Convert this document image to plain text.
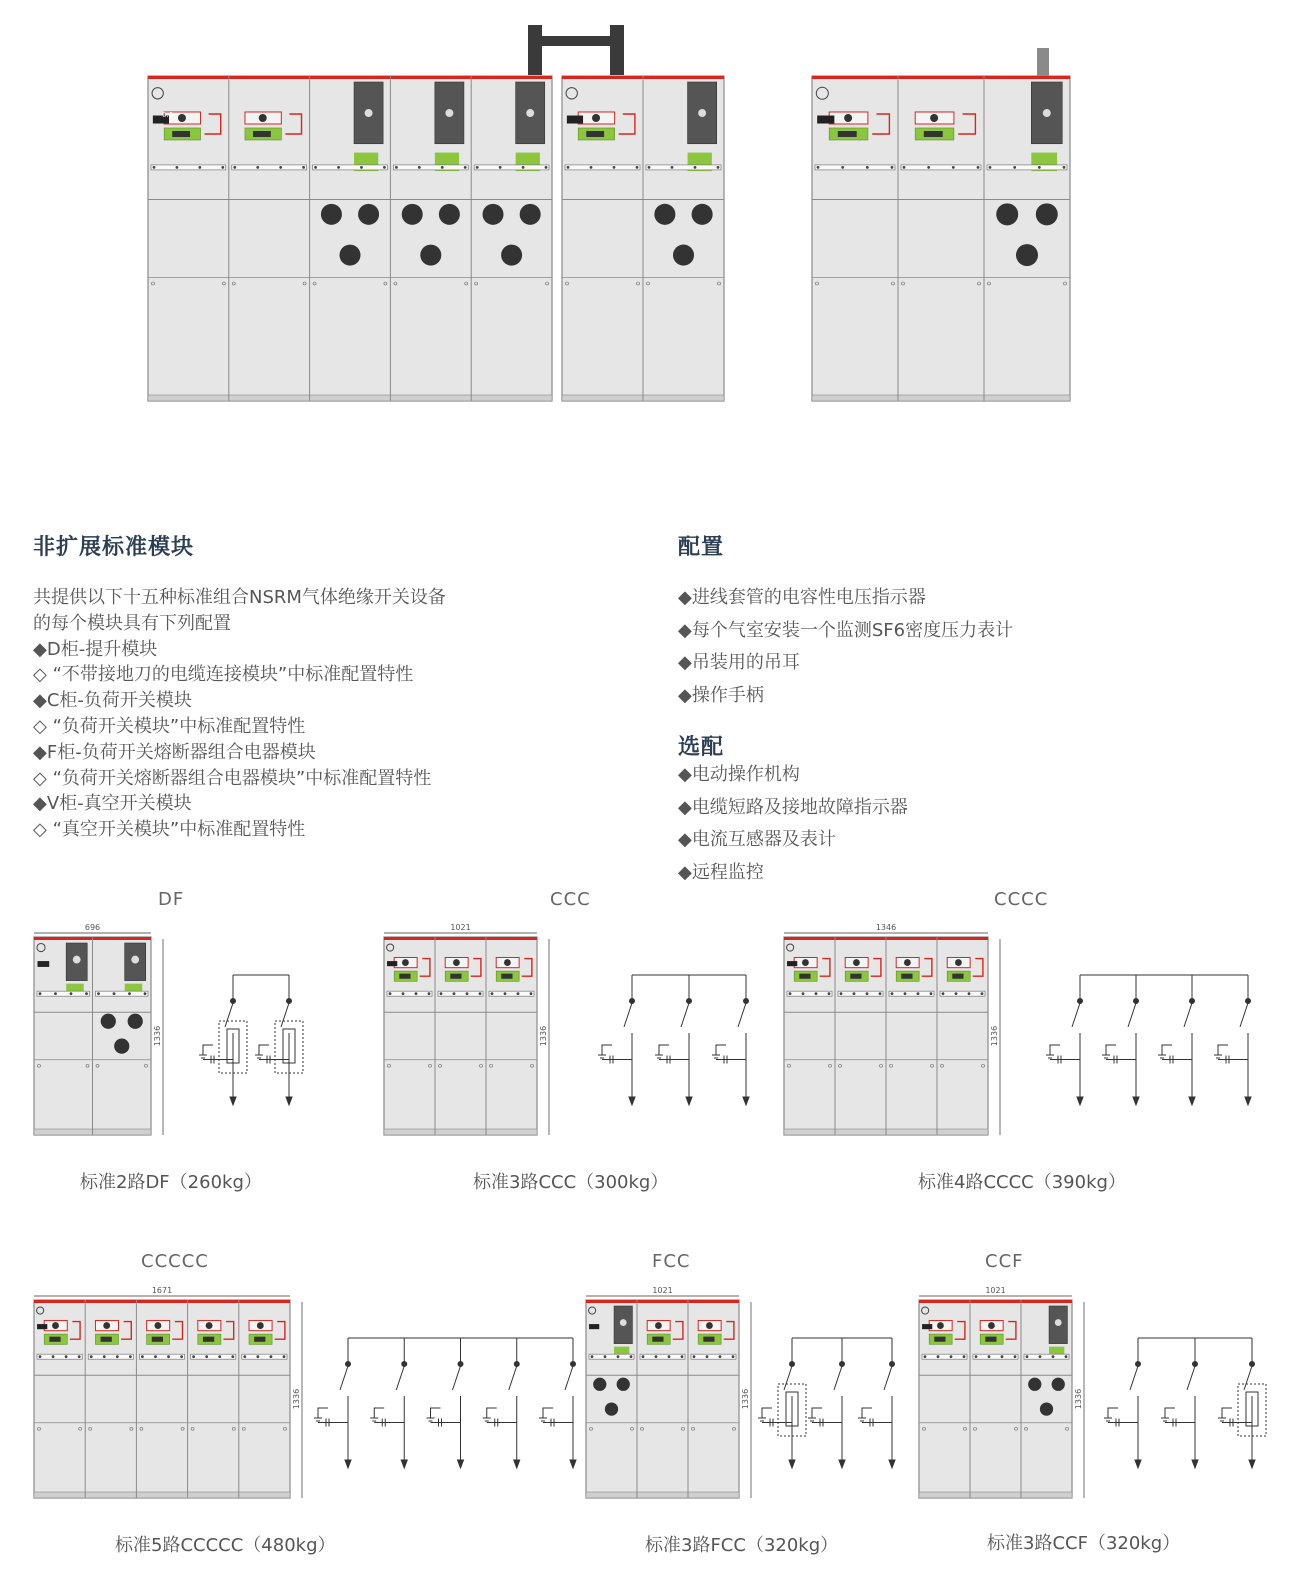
0.0
非扩展标准模块
共提供以下十五种标准组合NSRM气体绝缘开关设备
的每个模块具有下列配置
◆D柜-提升模块
◇ “不带接地刀的电缆连接模块”中标准配置特性
◆C柜-负荷开关模块
◇ “负荷开关模块”中标准配置特性
◆F柜-负荷开关熔断器组合电器模块
◇ “负荷开关熔断器组合电器模块”中标准配置特性
◆V柜-真空开关模块
◇ “真空开关模块”中标准配置特性
配置
◆进线套管的电容性电压指示器
◆每个气室安装一个监测SF6密度压力表计
◆吊装用的吊耳
◆操作手柄
选配
◆电动操作机构
◆电缆短路及接地故障指示器
◆电流互感器及表计
◆远程监控
DF	CCC	CCCC
CCCCC	FCC	CCF
696
1336
1021
1336
1346
1336
1671
1336
1021
1336
1021
1336
标准2路DF（260kg）	标准3路CCC（300kg）	标准4路CCCC（390kg）
标准5路CCCCC（480kg）	标准3路FCC（320kg）	标准3路CCF（320kg）
